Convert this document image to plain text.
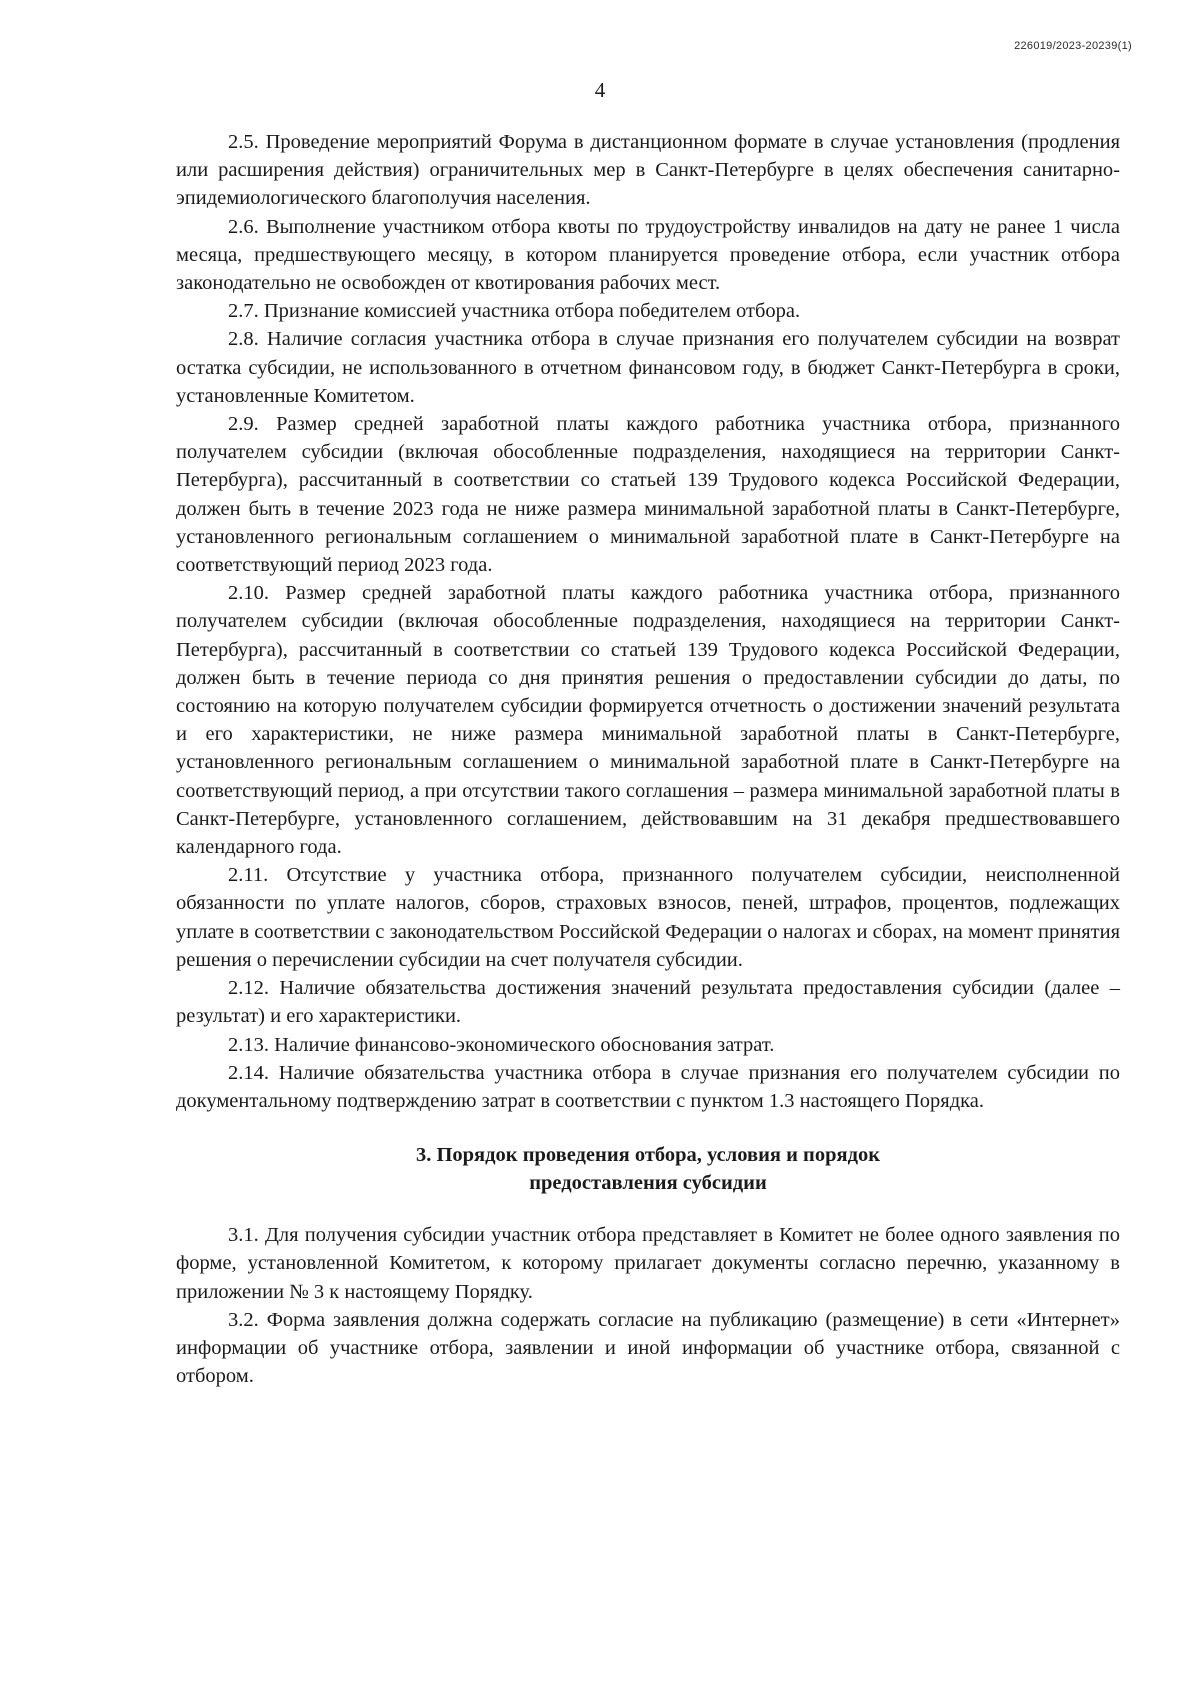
226019/2023-20239(1)
4

2.5. Проведение мероприятий Форума в дистанционном формате в случае установления (продления или расширения действия) ограничительных мер в Санкт-Петербурге в целях обеспечения санитарно-эпидемиологического благополучия населения.

2.6. Выполнение участником отбора квоты по трудоустройству инвалидов на дату не ранее 1 числа месяца, предшествующего месяцу, в котором планируется проведение отбора, если участник отбора законодательно не освобожден от квотирования рабочих мест.

2.7. Признание комиссией участника отбора победителем отбора.

2.8. Наличие согласия участника отбора в случае признания его получателем субсидии на возврат остатка субсидии, не использованного в отчетном финансовом году, в бюджет Санкт-Петербурга в сроки, установленные Комитетом.

2.9. Размер средней заработной платы каждого работника участника отбора, признанного получателем субсидии (включая обособленные подразделения, находящиеся на территории Санкт-Петербурга), рассчитанный в соответствии со статьей 139 Трудового кодекса Российской Федерации, должен быть в течение 2023 года не ниже размера минимальной заработной платы в Санкт-Петербурге, установленного региональным соглашением о минимальной заработной плате в Санкт-Петербурге на соответствующий период 2023 года.

2.10. Размер средней заработной платы каждого работника участника отбора, признанного получателем субсидии (включая обособленные подразделения, находящиеся на территории Санкт-Петербурга), рассчитанный в соответствии со статьей 139 Трудового кодекса Российской Федерации, должен быть в течение периода со дня принятия решения о предоставлении субсидии до даты, по состоянию на которую получателем субсидии формируется отчетность о достижении значений результата и его характеристики, не ниже размера минимальной заработной платы в Санкт-Петербурге, установленного региональным соглашением о минимальной заработной плате в Санкт-Петербурге на соответствующий период, а при отсутствии такого соглашения – размера минимальной заработной платы в Санкт-Петербурге, установленного соглашением, действовавшим на 31 декабря предшествовавшего календарного года.

2.11. Отсутствие у участника отбора, признанного получателем субсидии, неисполненной обязанности по уплате налогов, сборов, страховых взносов, пеней, штрафов, процентов, подлежащих уплате в соответствии с законодательством Российской Федерации о налогах и сборах, на момент принятия решения о перечислении субсидии на счет получателя субсидии.

2.12. Наличие обязательства достижения значений результата предоставления субсидии (далее – результат) и его характеристики.

2.13. Наличие финансово-экономического обоснования затрат.

2.14. Наличие обязательства участника отбора в случае признания его получателем субсидии по документальному подтверждению затрат в соответствии с пунктом 1.3 настоящего Порядка.

3. Порядок проведения отбора, условия и порядок
предоставления субсидии

3.1. Для получения субсидии участник отбора представляет в Комитет не более одного заявления по форме, установленной Комитетом, к которому прилагает документы согласно перечню, указанному в приложении № 3 к настоящему Порядку.

3.2. Форма заявления должна содержать согласие на публикацию (размещение) в сети «Интернет» информации об участнике отбора, заявлении и иной информации об участнике отбора, связанной с отбором.
